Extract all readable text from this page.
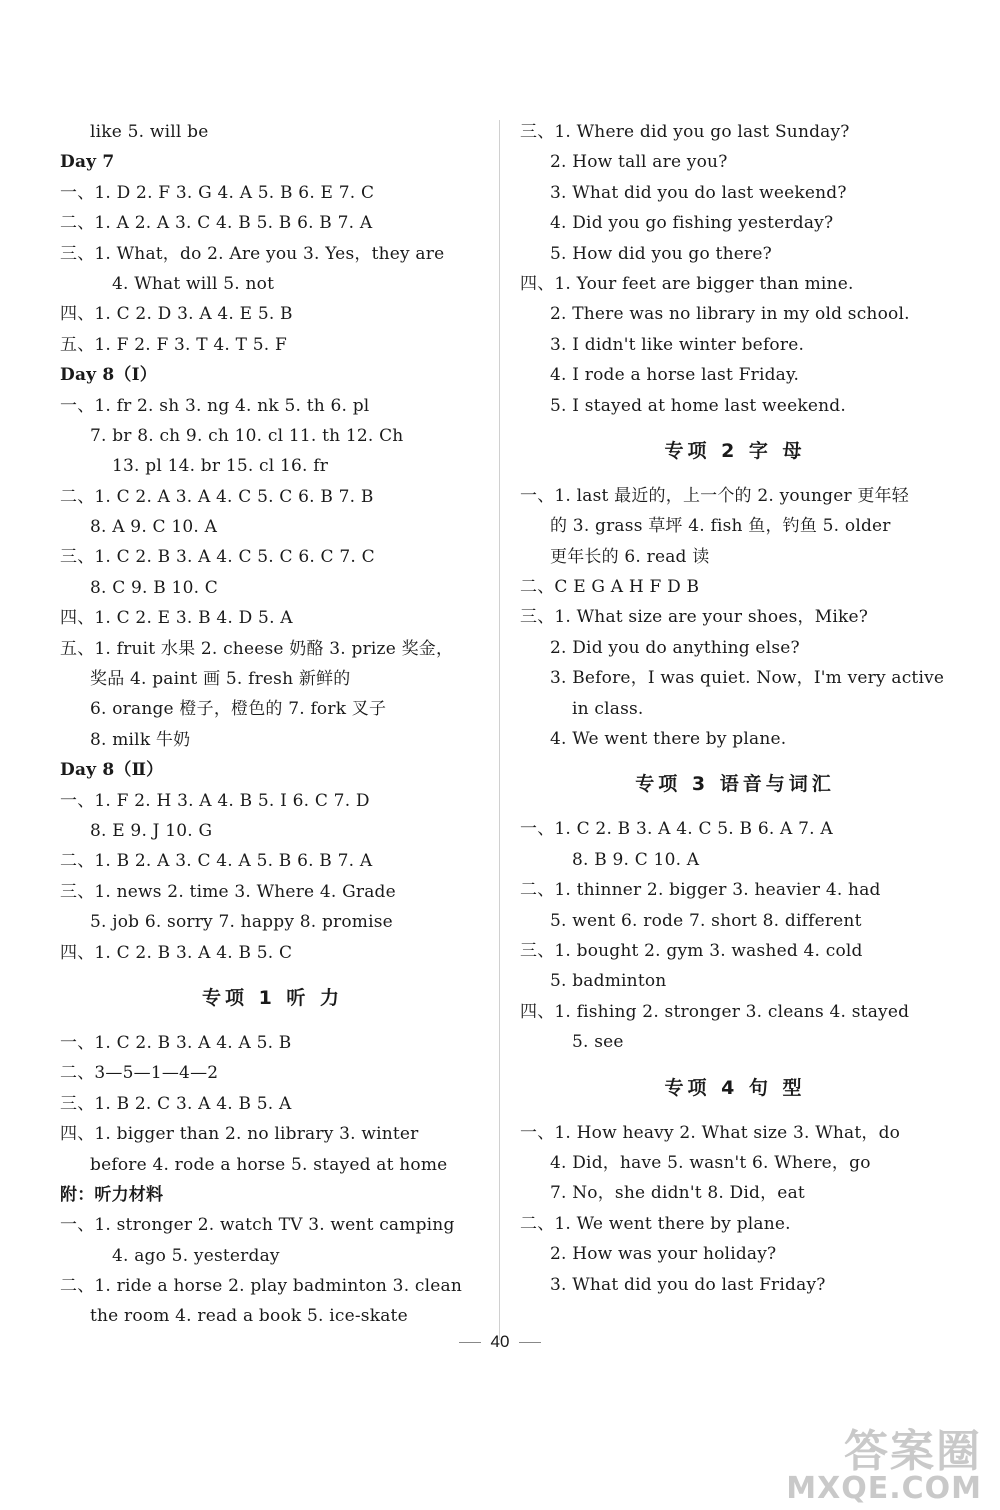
like 5. will be
Day 7
一、1. D 2. F 3. G 4. A 5. B 6. E 7. C
二、1. A 2. A 3. C 4. B 5. B 6. B 7. A
三、1. What，do 2. Are you 3. Yes，they are
4. What will 5. not
四、1. C 2. D 3. A 4. E 5. B
五、1. F 2. F 3. T 4. T 5. F
Day 8（Ⅰ）
一、1. fr 2. sh 3. ng 4. nk 5. th 6. pl
7. br 8. ch 9. ch 10. cl 11. th 12. Ch
13. pl 14. br 15. cl 16. fr
二、1. C 2. A 3. A 4. C 5. C 6. B 7. B
8. A 9. C 10. A
三、1. C 2. B 3. A 4. C 5. C 6. C 7. C
8. C 9. B 10. C
四、1. C 2. E 3. B 4. D 5. A
五、1. fruit 水果 2. cheese 奶酪 3. prize 奖金，
奖品 4. paint 画 5. fresh 新鲜的
6. orange 橙子，橙色的 7. fork 叉子
8. milk 牛奶
Day 8（Ⅱ）
一、1. F 2. H 3. A 4. B 5. I 6. C 7. D
8. E 9. J 10. G
二、1. B 2. A 3. C 4. A 5. B 6. B 7. A
三、1. news 2. time 3. Where 4. Grade
5. job 6. sorry 7. happy 8. promise
四、1. C 2. B 3. A 4. B 5. C
专项 1 听 力
一、1. C 2. B 3. A 4. A 5. B
二、3—5—1—4—2
三、1. B 2. C 3. A 4. B 5. A
四、1. bigger than 2. no library 3. winter
before 4. rode a horse 5. stayed at home
附：听力材料
一、1. stronger 2. watch TV 3. went camping
4. ago 5. yesterday
二、1. ride a horse 2. play badminton 3. clean
the room 4. read a book 5. ice-skate
三、1. Where did you go last Sunday?
2. How tall are you?
3. What did you do last weekend?
4. Did you go fishing yesterday?
5. How did you go there?
四、1. Your feet are bigger than mine.
2. There was no library in my old school.
3. I didn't like winter before.
4. I rode a horse last Friday.
5. I stayed at home last weekend.
专项 2 字 母
一、1. last 最近的，上一个的 2. younger 更年轻
的 3. grass 草坪 4. fish 鱼，钓鱼 5. older
更年长的 6. read 读
二、C E G A H F D B
三、1. What size are your shoes，Mike?
2. Did you do anything else?
3. Before，I was quiet. Now，I'm very active
in class.
4. We went there by plane.
专项 3 语音与词汇
一、1. C 2. B 3. A 4. C 5. B 6. A 7. A
8. B 9. C 10. A
二、1. thinner 2. bigger 3. heavier 4. had
5. went 6. rode 7. short 8. different
三、1. bought 2. gym 3. washed 4. cold
5. badminton
四、1. fishing 2. stronger 3. cleans 4. stayed
5. see
专项 4 句 型
一、1. How heavy 2. What size 3. What，do
4. Did，have 5. wasn't 6. Where，go
7. No，she didn't 8. Did，eat
二、1. We went there by plane.
2. How was your holiday?
3. What did you do last Friday?
40
答案圈
MXQE.COM
